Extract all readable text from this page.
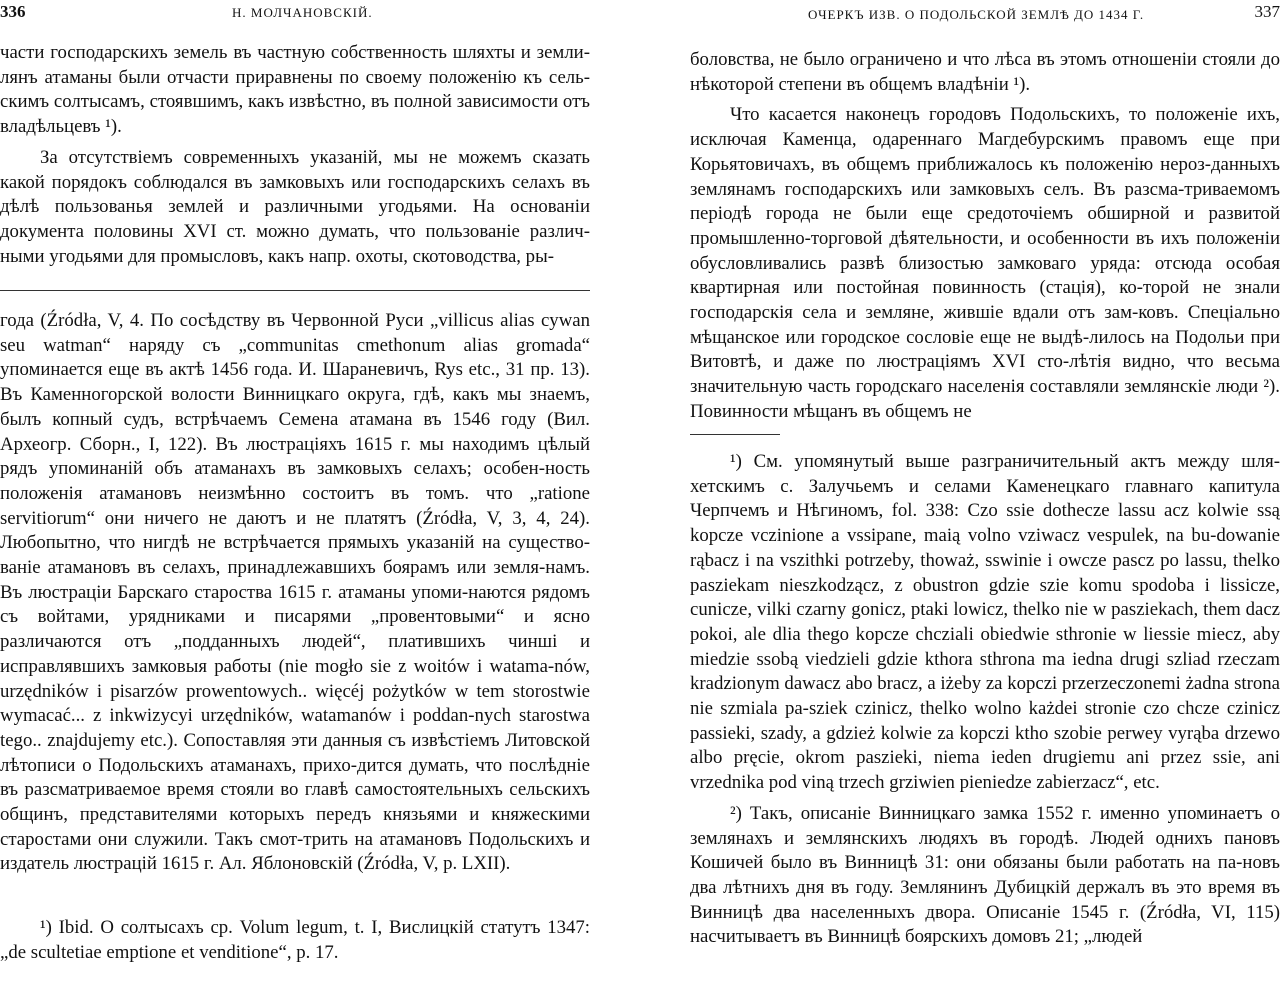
336	Н. МОЛЧАНОВСКІЙ.

части господарскихъ земель въ частную собственность шляхты и земли-лянъ атаманы были отчасти приравнены по своему положенію къ сель-скимъ солтысамъ, стоявшимъ, какъ извѣстно, въ полной зависимости отъ владѣльцевъ ¹).

За отсутствіемъ современныхъ указаній, мы не можемъ сказать какой порядокъ соблюдался въ замковыхъ или господарскихъ селахъ въ дѣлѣ пользованья землей и различными угодьями. На основаніи документа половины XVI ст. можно думать, что пользованіе различ-ными угодьями для промысловъ, какъ напр. охоты, скотоводства, ры-

года (Źródła, V, 4. По сосѣдству въ Червонной Руси „villicus alias cywan seu watman“ наряду съ „communitas cmethonum alias gromada“ упоминается еще въ актѣ 1456 года. И. Шараневичъ, Rys etc., 31 пр. 13). Въ Каменногорской волости Винницкаго округа, гдѣ, какъ мы знаемъ, былъ копный судъ, встрѣчаемъ Семена атамана въ 1546 году (Вил. Археогр. Сборн., I, 122). Въ люстраціяхъ 1615 г. мы находимъ цѣлый рядъ упоминаній объ атаманахъ въ замковыхъ селахъ; особен-ность положенія атамановъ неизмѣнно состоитъ въ томъ. что „ratione servitiorum“ они ничего не даютъ и не платятъ (Źródła, V, 3, 4, 24). Любопытно, что нигдѣ не встрѣчается прямыхъ указаній на существо-ваніе атамановъ въ селахъ, принадлежавшихъ боярамъ или земля-намъ. Въ люстраціи Барскаго староства 1615 г. атаманы упоми-наются рядомъ съ войтами, урядниками и писарями „провентовыми“ и ясно различаются отъ „подданныхъ людей“, платившихъ чиншi и исправлявшихъ замковыя работы (nie mogło sie z woitów i watama-nów, urzędników i pisarzów prowentowych.. więcéj pożytków w tem storostwie wymacać... z inkwizycyi urzędników, watamanów i poddan-nych starostwa tego.. znajdujemy etc.). Сопоставляя эти данныя съ извѣстіемъ Литовской лѣтописи о Подольскихъ атаманахъ, прихо-дится думать, что послѣдніе въ разсматриваемое время стояли во главѣ самостоятельныхъ сельскихъ общинъ, представителями которыхъ передъ князьями и княжескими старостами они служили. Такъ смот-трить на атамановъ Подольскихъ и издатель люстрацій 1615 г. Ал. Яблоновскій (Źródła, V, p. LXII).

¹) Ibid. О солтысахъ ср. Volum legum, t. I, Вислицкій статутъ 1347: „de scultetiae emptione et venditione“, p. 17.

ОЧЕРКЪ ИЗВ. О ПОДОЛЬСКОЙ ЗЕМЛѢ ДО 1434 Г.	337

боловства, не было ограничено и что лѣса въ этомъ отношеніи стояли до нѣкоторой степени въ общемъ владѣніи ¹).

Что касается наконецъ городовъ Подольскихъ, то положеніе ихъ, исключая Каменца, одареннаго Магдебурскимъ правомъ еще при Корьятовичахъ, въ общемъ приближалось къ положенію нероз-данныхъ землянамъ господарскихъ или замковыхъ селъ. Въ разсма-триваемомъ періодѣ города не были еще средоточіемъ обширной и развитой промышленно-торговой дѣятельности, и особенности въ ихъ положеніи обусловливались развѣ близостью замковаго уряда: отсюда особая квартирная или постойная повинность (стація), ко-торой не знали господарскія села и земляне, жившіе вдали отъ зам-ковъ. Спеціально мѣщанское или городское сословіе еще не выдѣ-лилось на Подольи при Витовтѣ, и даже по люстраціямъ XVI сто-лѣтія видно, что весьма значительную часть городскаго населенія составляли землянскіе люди ²). Повинности мѣщанъ въ общемъ не

¹) См. упомянутый выше разграничительный актъ между шля-хетскимъ с. Залучьемъ и селами Каменецкаго главнаго капитула Черпчемъ и Нѣгиномъ, fol. 338: Czo ssie dothecze lassu acz kolwie ssą kopcze vczinione a vssipane, maią volno vziwacz vespulek, na bu-dowanie rąbacz i na vszithki potrzeby, thoważ, sswinie i owcze pascz po lassu, thelko pasziekam nieszkodzącz, z obustron gdzie szie komu spodoba i lissicze, cunicze, vilki czarny gonicz, ptaki lowicz, thelko nie w pasziekach, them dacz pokoi, ale dlia thego kopcze chczialі obiedwie sthronie w liessie miecz, aby miedzie ssobą viedzieli gdzie kthora sthrona ma iedna drugi szliad rzeczam kradzionym dawacz abo bracz, a iżeby za kopczi przerzeczonemi żadna strona nie szmiala pa-sziek czinicz, thelko wolno każdei stronie czo chcze czinicz passieki, szady, a gdzież kolwie za kopczi ktho szobie perwey vyrąba drzewo albo pręcie, okrom paszieki, niema ieden drugiemu ani przez ssie, ani vrzednika pod viną trzech grziwien pieniedze zabierzacz“, etc.

²) Такъ, описаніе Винницкаго замка 1552 г. именно упоминаетъ о землянахъ и землянскихъ людяхъ въ городѣ. Людей однихъ пановъ Кошичей было въ Винницѣ 31: они обязаны были работать на па-новъ два лѣтнихъ дня въ году. Землянинъ Дубицкій держалъ въ это время въ Винницѣ два населенныхъ двора. Описаніе 1545 г. (Źródła, VI, 115) насчитываетъ въ Винницѣ боярскихъ домовъ 21; „людей
